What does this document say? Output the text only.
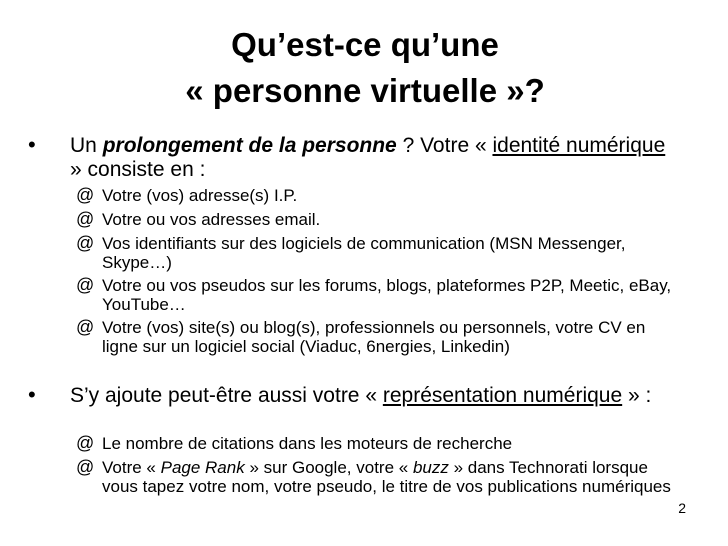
Qu’est-ce qu’une
« personne virtuelle »?
• Un prolongement de la personne ? Votre « identité numérique » consiste en :
@ Votre (vos) adresse(s) I.P.
@ Votre ou vos adresses email.
@ Vos identifiants sur des logiciels de communication (MSN Messenger, Skype…)
@ Votre ou vos pseudos sur les forums, blogs, plateformes P2P, Meetic, eBay, YouTube…
@ Votre (vos) site(s) ou blog(s), professionnels ou personnels, votre CV en ligne sur un logiciel social (Viaduc, 6nergies, Linkedin)
• S’y ajoute peut-être aussi votre « représentation numérique » :
@ Le nombre de citations dans les moteurs de recherche
@ Votre « Page Rank » sur Google, votre « buzz » dans Technorati lorsque vous tapez votre nom, votre pseudo, le titre de vos publications numériques
2
